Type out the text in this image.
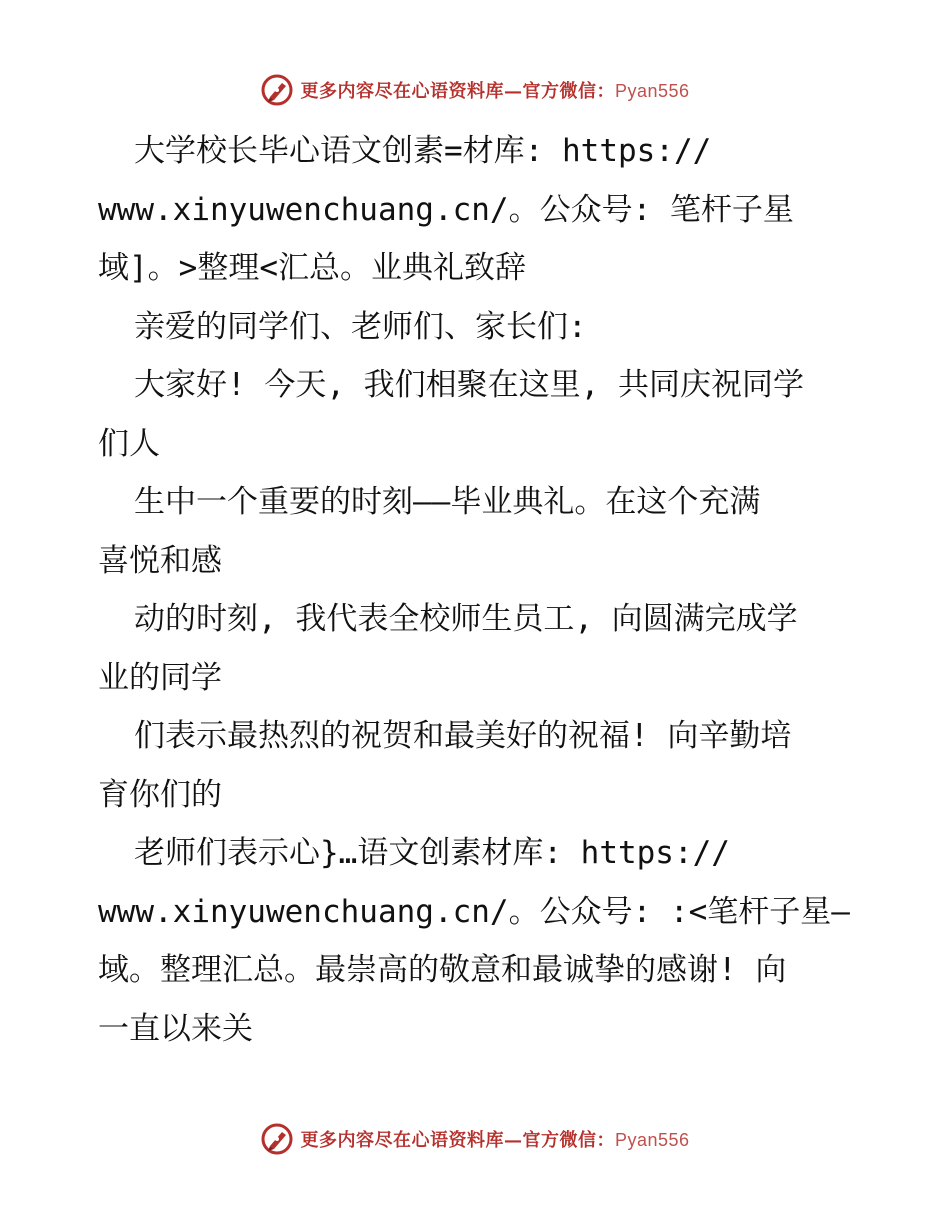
更多内容尽在心语资料库—官方微信：Pyan556
大学校长毕心语文创素=材库: https://
www.xinyuwenchuang.cn/。公众号: 笔杆子星
域]。>整理<汇总。业典礼致辞
亲爱的同学们、老师们、家长们:
大家好! 今天, 我们相聚在这里, 共同庆祝同学
们人
生中一个重要的时刻——毕业典礼。在这个充满
喜悦和感
动的时刻, 我代表全校师生员工, 向圆满完成学
业的同学
们表示最热烈的祝贺和最美好的祝福! 向辛勤培
育你们的
老师们表示心}…语文创素材库: https://
www.xinyuwenchuang.cn/。公众号: :<笔杆子星—
域。整理汇总。最崇高的敬意和最诚挚的感谢! 向
一直以来关
更多内容尽在心语资料库—官方微信：Pyan556
